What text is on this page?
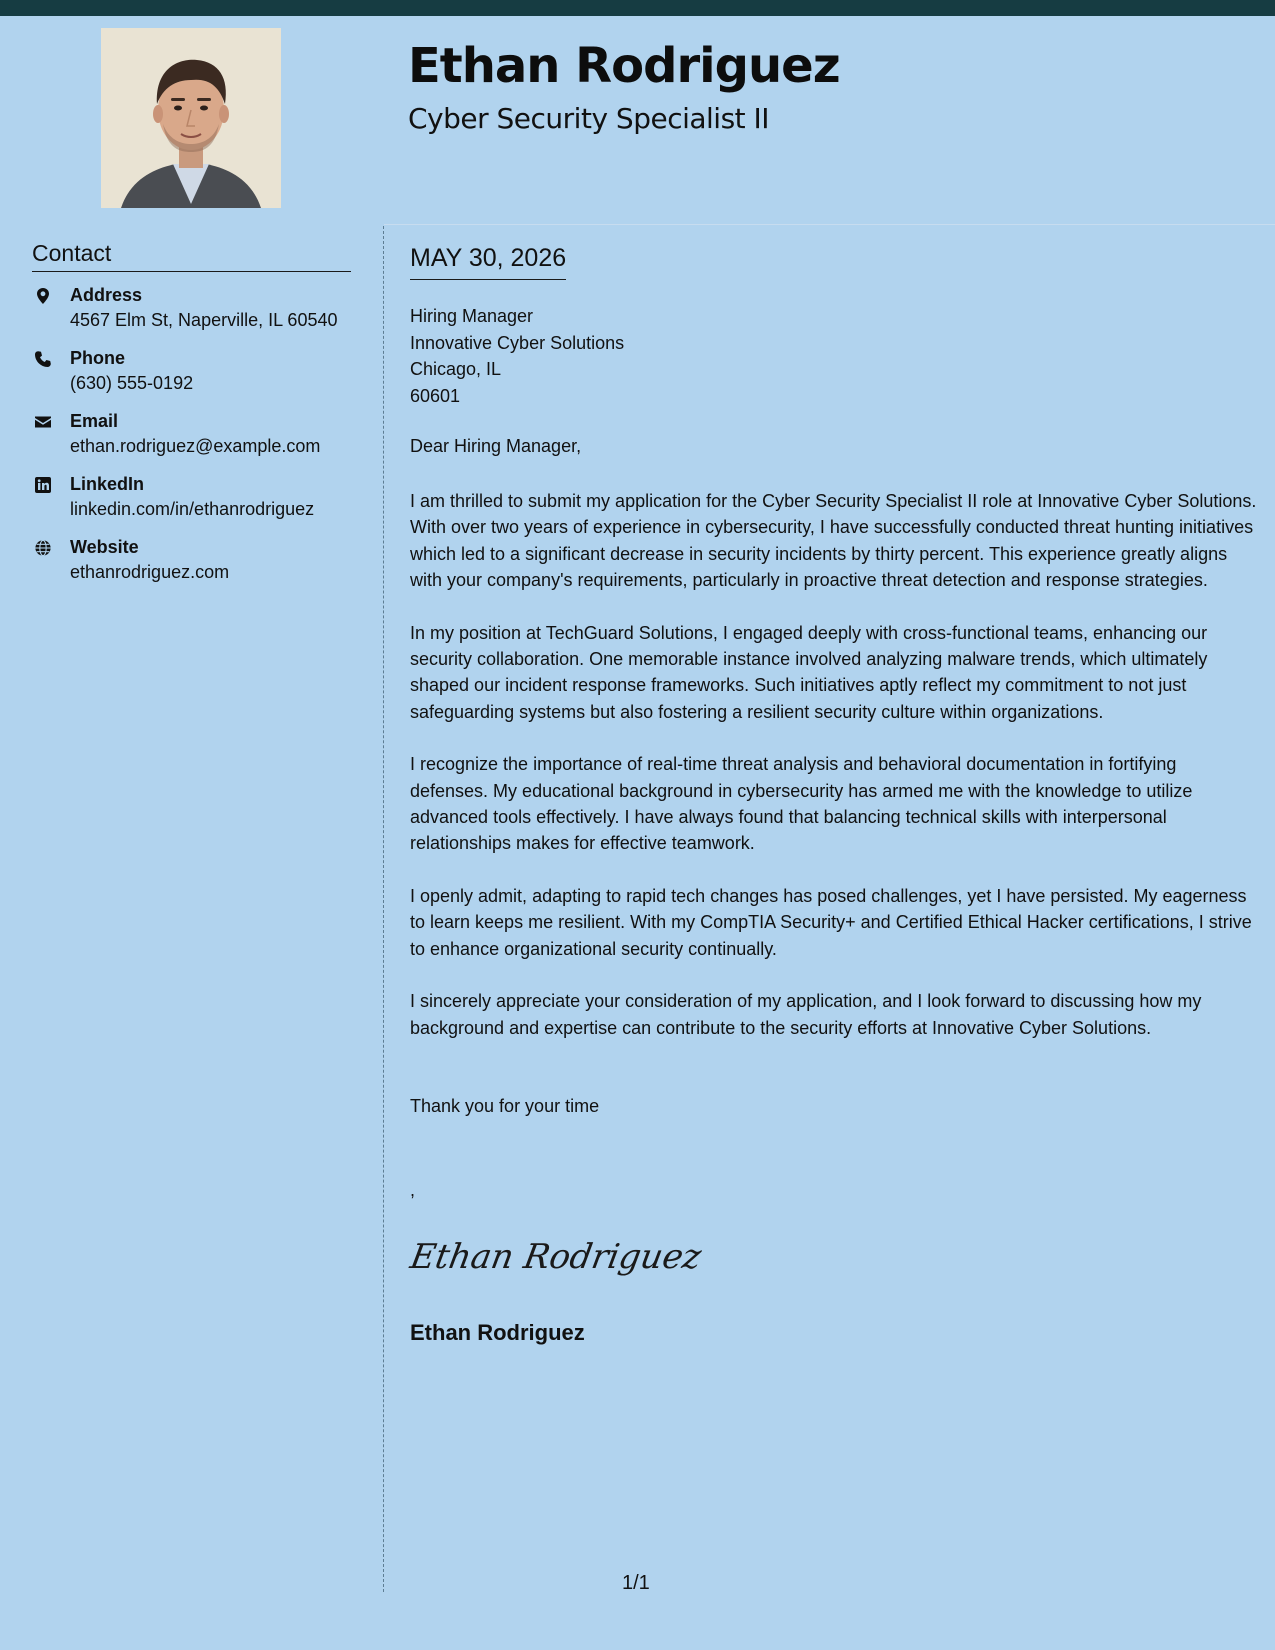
Ethan Rodriguez
Cyber Security Specialist II
Contact
Address
4567 Elm St, Naperville, IL 60540
Phone
(630) 555-0192
Email
ethan.rodriguez@example.com
LinkedIn
linkedin.com/in/ethanrodriguez
Website
ethanrodriguez.com
MAY 30, 2026
Hiring Manager
Innovative Cyber Solutions
Chicago, IL
60601
Dear Hiring Manager,

I am thrilled to submit my application for the Cyber Security Specialist II role at Innovative Cyber Solutions. With over two years of experience in cybersecurity, I have successfully conducted threat hunting initiatives which led to a significant decrease in security incidents by thirty percent. This experience greatly aligns with your company's requirements, particularly in proactive threat detection and response strategies.

In my position at TechGuard Solutions, I engaged deeply with cross-functional teams, enhancing our security collaboration. One memorable instance involved analyzing malware trends, which ultimately shaped our incident response frameworks. Such initiatives aptly reflect my commitment to not just safeguarding systems but also fostering a resilient security culture within organizations.

I recognize the importance of real-time threat analysis and behavioral documentation in fortifying defenses. My educational background in cybersecurity has armed me with the knowledge to utilize advanced tools effectively. I have always found that balancing technical skills with interpersonal relationships makes for effective teamwork.

I openly admit, adapting to rapid tech changes has posed challenges, yet I have persisted. My eagerness to learn keeps me resilient. With my CompTIA Security+ and Certified Ethical Hacker certifications, I strive to enhance organizational security continually.

I sincerely appreciate your consideration of my application, and I look forward to discussing how my background and expertise can contribute to the security efforts at Innovative Cyber Solutions.

Thank you for your time
,
Ethan Rodriguez
Ethan Rodriguez
1/1
